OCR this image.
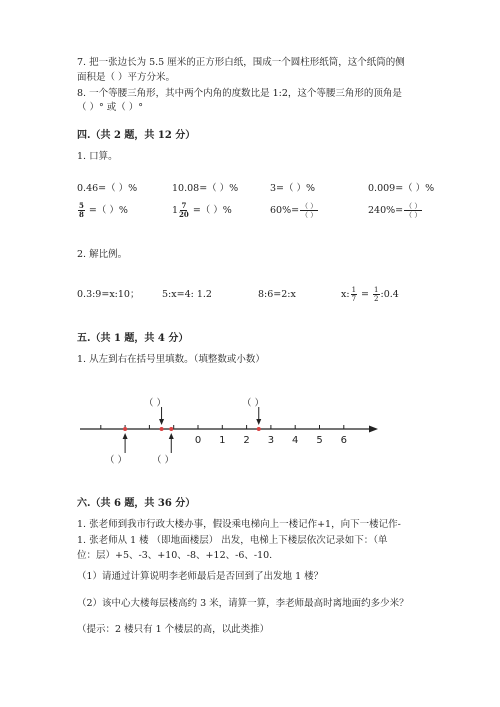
7. 把一张边长为 5.5 厘米的正方形白纸，围成一个圆柱形纸筒，这个纸筒的侧
面积是（ ）平方分米。
8. 一个等腰三角形，其中两个内角的度数比是 1:2，这个等腰三角形的顶角是
（ ）° 或（ ）°
四.（共 2 题，共 12 分）
1. 口算。
0.46=（ ）%	10.08=（ ）%	3=（ ）%	0.009=（ ）%
$\frac{5}{8}$ =（ ）%	$1 \frac{7}{20}$ =（ ）%	$60\%= \frac{( )}{( )}$	$240\%= \frac{( )}{( )}$
2. 解比例。
0.3:9=x:10； 5:x=4: 1.2	8:6=2:x	x: $\frac{1}{7} = \frac{1}{2}$ :0.4
五.（共 1 题，共 4 分）
1. 从左到右在括号里填数。（填整数或小数）
（ ）	（ ）
（ ）	（ ）
0 1 2 3 4 5 6
六.（共 6 题，共 36 分）
1. 张老师到我市行政大楼办事，假设乘电梯向上一楼记作+1，向下一楼记作-
1. 张老师从 1 楼 （即地面楼层） 出发，电梯上下楼层依次记录如下：（单
位：层）+5、-3、+10、-8、+12、-6、-10.
（1）请通过计算说明李老师最后是否回到了出发地 1 楼？
（2）该中心大楼每层楼高约 3 米，请算一算，李老师最高时离地面约多少米？
（提示：2 楼只有 1 个楼层的高，以此类推）
